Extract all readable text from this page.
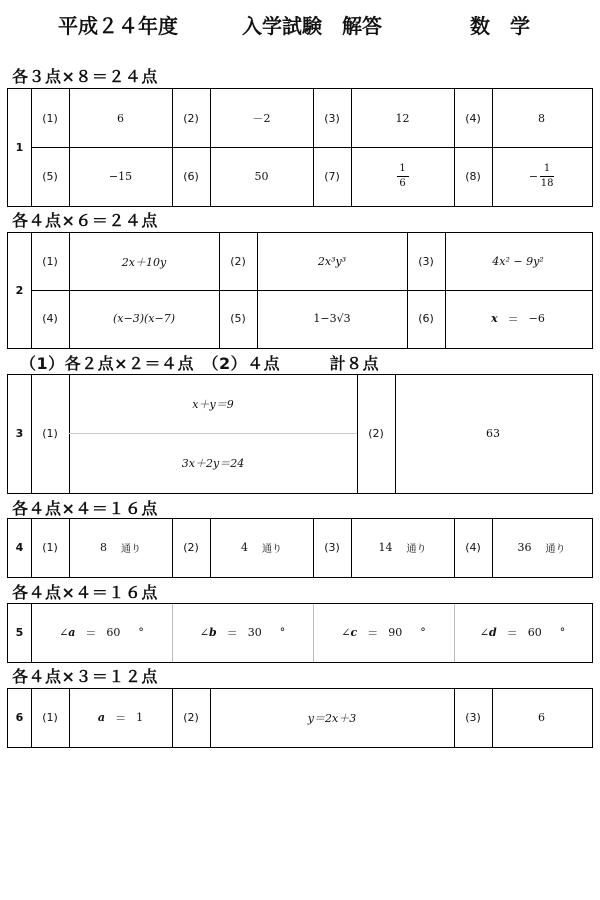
平成２４年度	入学試験　解答	数　学
各３点×８＝２４点
1
(1)	6	(2)	－2	(3)	12	(4)	8
(5)	−15	(6)	50	(7)	$\frac{1}{6}$	(8)	− $\frac{1}{18}$
各４点×６＝２４点
2
(1)	2x＋10y	(2)	2x³y³	(3)	4x² − 9y²
(4)	(x−3)(x−7)	(5)	1−3√3	(6)	x ＝ −6
（1）各２点×２＝４点　（2）４点　　　計８点
3	(1)
x＋y＝9
3x＋2y＝24
(2)	63
各４点×４＝１６点
4	(1)	8 通り	(2)	4 通り	(3)	14 通り	(4)	36 通り
各４点×４＝１６点
5	∠a ＝ 60 °	∠b ＝ 30 °	∠c ＝ 90 °	∠d ＝ 60 °
各４点×３＝１２点
6	(1)	a ＝ 1	(2)	y＝2x＋3	(3)	6
